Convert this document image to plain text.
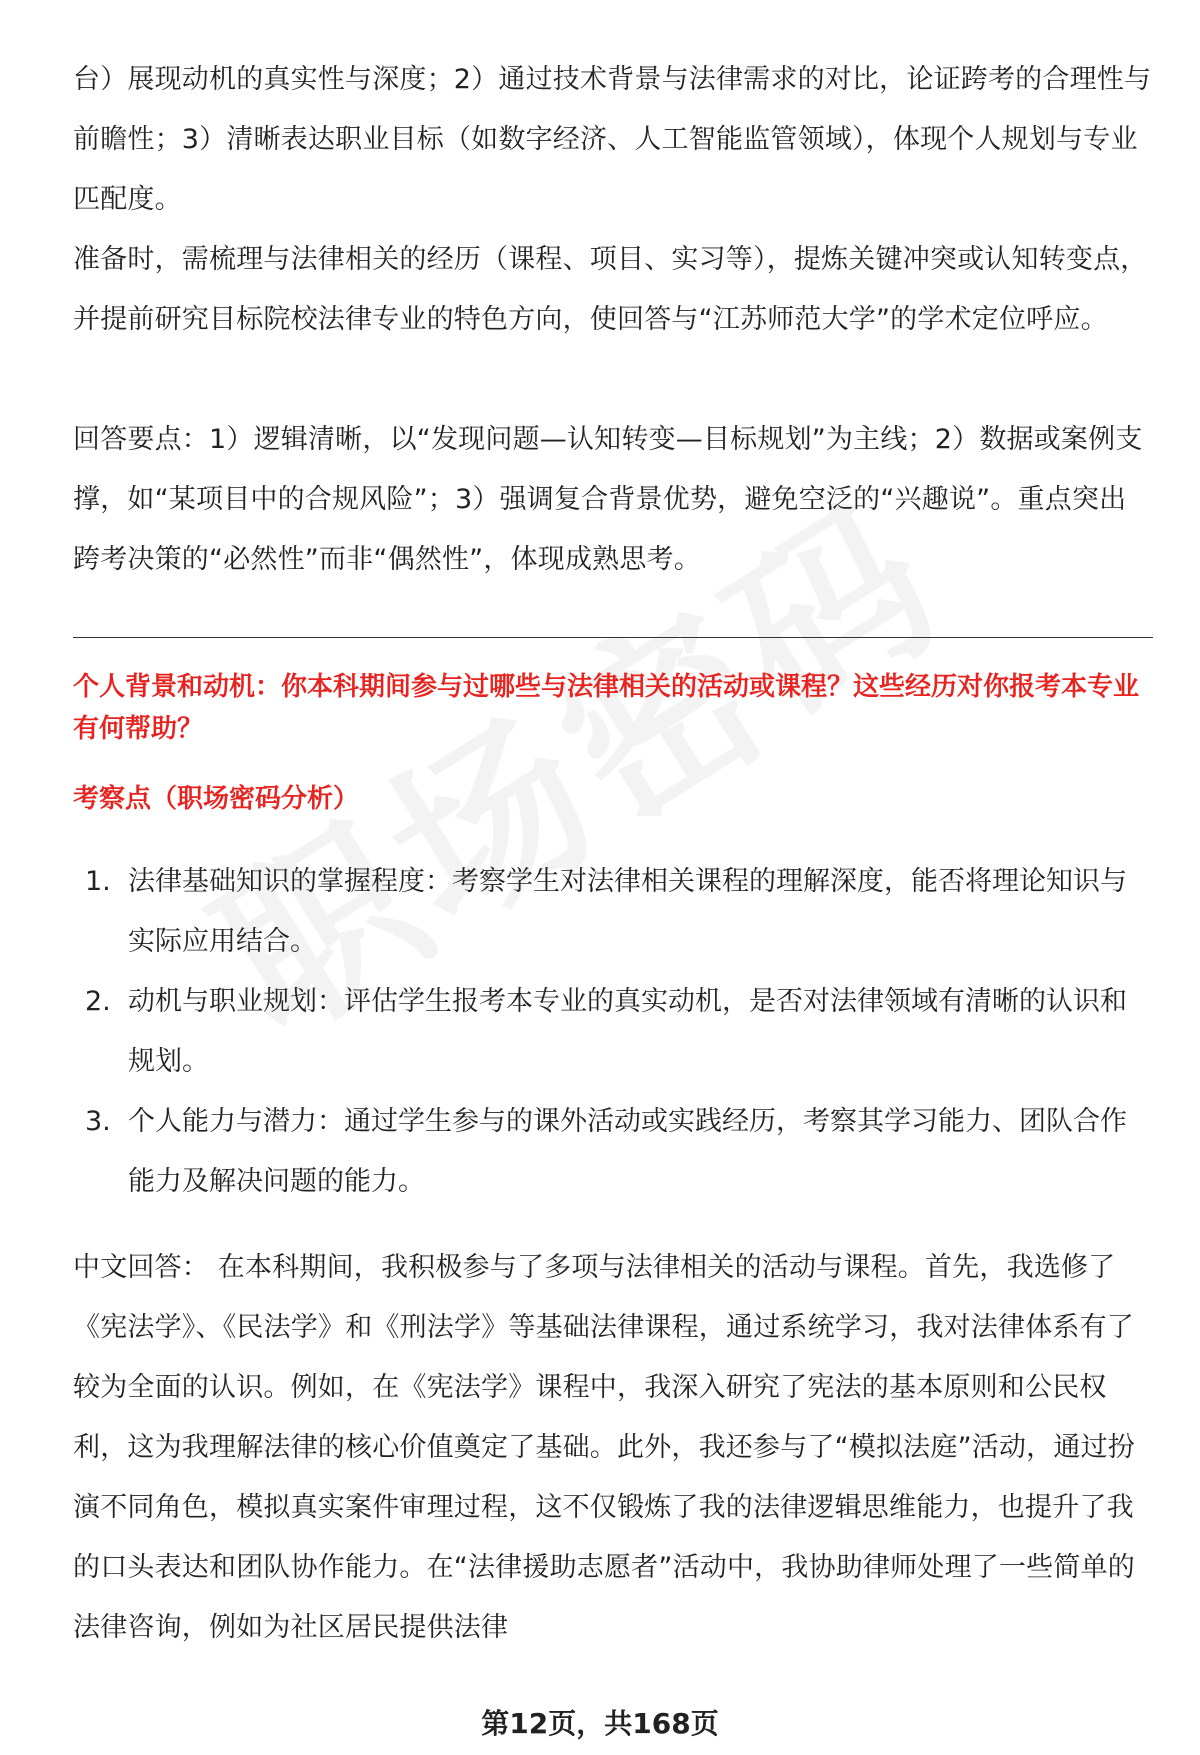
台）展现动机的真实性与深度；2）通过技术背景与法律需求的对比，论证跨考的合理性与前瞻性；3）清晰表达职业目标（如数字经济、人工智能监管领域），体现个人规划与专业匹配度。

准备时，需梳理与法律相关的经历（课程、项目、实习等），提炼关键冲突或认知转变点，并提前研究目标院校法律专业的特色方向，使回答与“江苏师范大学”的学术定位呼应。

回答要点：1）逻辑清晰，以“发现问题—认知转变—目标规划”为主线；2）数据或案例支撑，如“某项目中的合规风险”；3）强调复合背景优势，避免空泛的“兴趣说”。重点突出跨考决策的“必然性”而非“偶然性”，体现成熟思考。

个人背景和动机：你本科期间参与过哪些与法律相关的活动或课程？这些经历对你报考本专业有何帮助？

考察点（职场密码分析）

1. 法律基础知识的掌握程度：考察学生对法律相关课程的理解深度，能否将理论知识与实际应用结合。
2. 动机与职业规划：评估学生报考本专业的真实动机，是否对法律领域有清晰的认识和规划。
3. 个人能力与潜力：通过学生参与的课外活动或实践经历，考察其学习能力、团队合作能力及解决问题的能力。

中文回答： 在本科期间，我积极参与了多项与法律相关的活动与课程。首先，我选修了《宪法学》、《民法学》和《刑法学》等基础法律课程，通过系统学习，我对法律体系有了较为全面的认识。例如，在《宪法学》课程中，我深入研究了宪法的基本原则和公民权利，这为我理解法律的核心价值奠定了基础。此外，我还参与了“模拟法庭”活动，通过扮演不同角色，模拟真实案件审理过程，这不仅锻炼了我的法律逻辑思维能力，也提升了我的口头表达和团队协作能力。在“法律援助志愿者”活动中，我协助律师处理了一些简单的法律咨询，例如为社区居民提供法律

第12页，共168页
